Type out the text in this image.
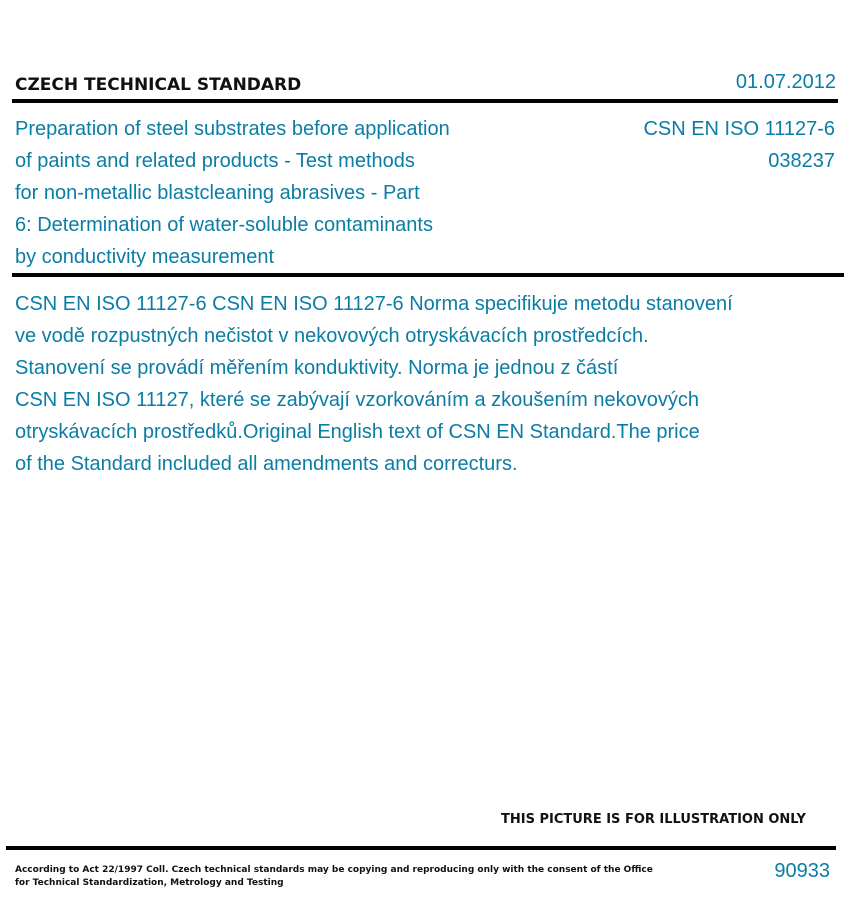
CZECH TECHNICAL STANDARD	01.07.2012
Preparation of steel substrates before application
of paints and related products - Test methods
for non-metallic blastcleaning abrasives - Part
6: Determination of water-soluble contaminants
by conductivity measurement
CSN EN ISO 11127-6
038237
CSN EN ISO 11127-6 CSN EN ISO 11127-6 Norma specifikuje metodu stanovení
ve vodě rozpustných nečistot v nekovových otryskávacích prostředcích.
Stanovení se provádí měřením konduktivity. Norma je jednou z částí
CSN EN ISO 11127, které se zabývají vzorkováním a zkoušením nekovových
otryskávacích prostředků.Original English text of CSN EN Standard.The price
of the Standard included all amendments and correcturs.
THIS PICTURE IS FOR ILLUSTRATION ONLY
According to Act 22/1997 Coll. Czech technical standards may be copying and reproducing only with the consent of the Office
for Technical Standardization, Metrology and Testing
90933
